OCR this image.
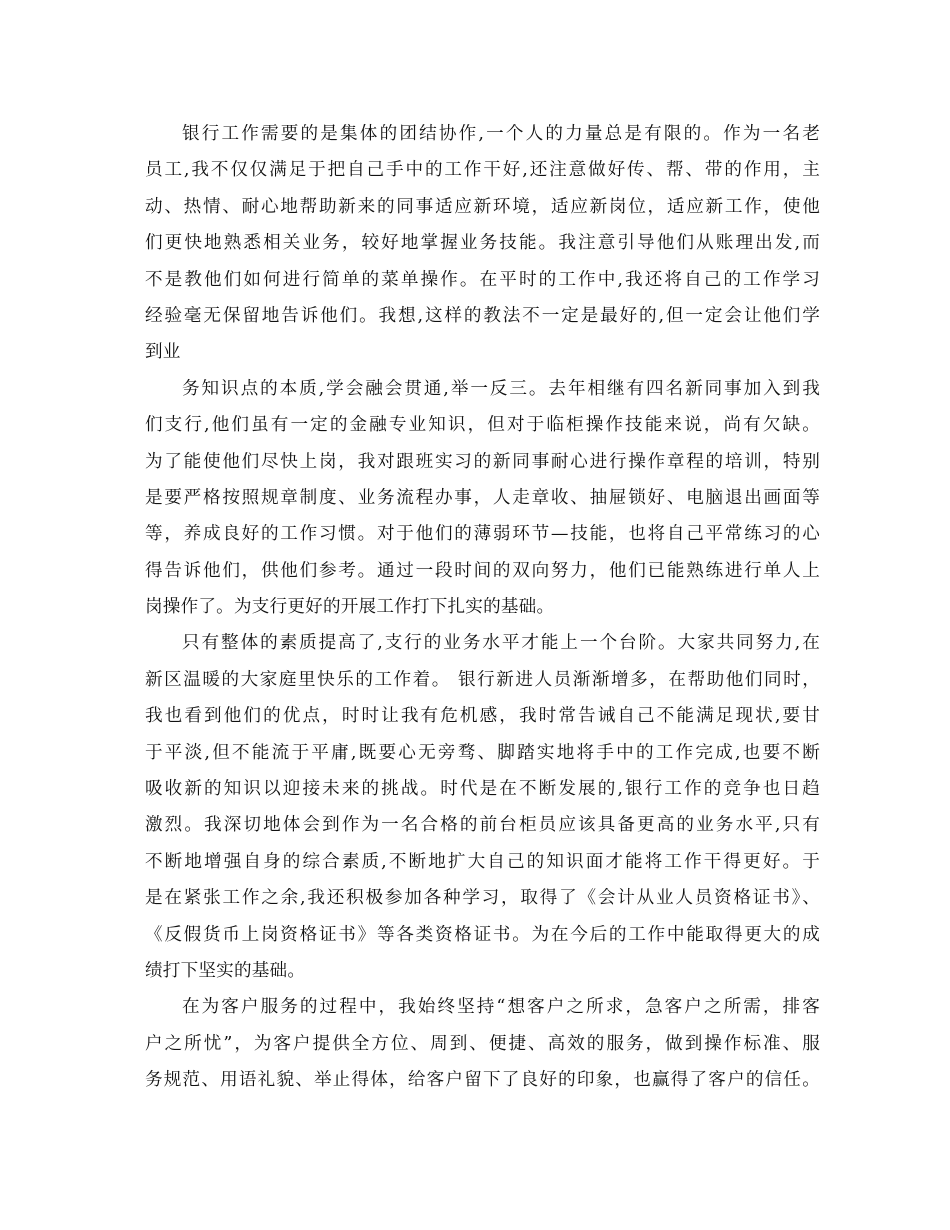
银行工作需要的是集体的团结协作,一个人的力量总是有限的。作为一名老
员工,我不仅仅满足于把自己手中的工作干好,还注意做好传、帮、带的作用，主
动、热情、耐心地帮助新来的同事适应新环境，适应新岗位，适应新工作，使他
们更快地熟悉相关业务，较好地掌握业务技能。我注意引导他们从账理出发,而
不是教他们如何进行简单的菜单操作。在平时的工作中,我还将自己的工作学习
经验毫无保留地告诉他们。我想,这样的教法不一定是最好的,但一定会让他们学
到业
务知识点的本质,学会融会贯通,举一反三。去年相继有四名新同事加入到我
们支行,他们虽有一定的金融专业知识，但对于临柜操作技能来说，尚有欠缺。
为了能使他们尽快上岗，我对跟班实习的新同事耐心进行操作章程的培训，特别
是要严格按照规章制度、业务流程办事，人走章收、抽屉锁好、电脑退出画面等
等，养成良好的工作习惯。对于他们的薄弱环节—技能，也将自己平常练习的心
得告诉他们，供他们参考。通过一段时间的双向努力，他们已能熟练进行单人上
岗操作了。为支行更好的开展工作打下扎实的基础。
只有整体的素质提高了,支行的业务水平才能上一个台阶。大家共同努力,在
新区温暖的大家庭里快乐的工作着。 银行新进人员渐渐增多，在帮助他们同时，
我也看到他们的优点，时时让我有危机感，我时常告诫自己不能满足现状,要甘
于平淡,但不能流于平庸,既要心无旁骛、脚踏实地将手中的工作完成,也要不断
吸收新的知识以迎接未来的挑战。时代是在不断发展的,银行工作的竞争也日趋
激烈。我深切地体会到作为一名合格的前台柜员应该具备更高的业务水平,只有
不断地增强自身的综合素质,不断地扩大自己的知识面才能将工作干得更好。于
是在紧张工作之余,我还积极参加各种学习，取得了《会计从业人员资格证书》、
《反假货币上岗资格证书》等各类资格证书。为在今后的工作中能取得更大的成
绩打下坚实的基础。
在为客户服务的过程中，我始终坚持“想客户之所求，急客户之所需，排客
户之所忧”，为客户提供全方位、周到、便捷、高效的服务，做到操作标准、服
务规范、用语礼貌、举止得体，给客户留下了良好的印象，也赢得了客户的信任。
